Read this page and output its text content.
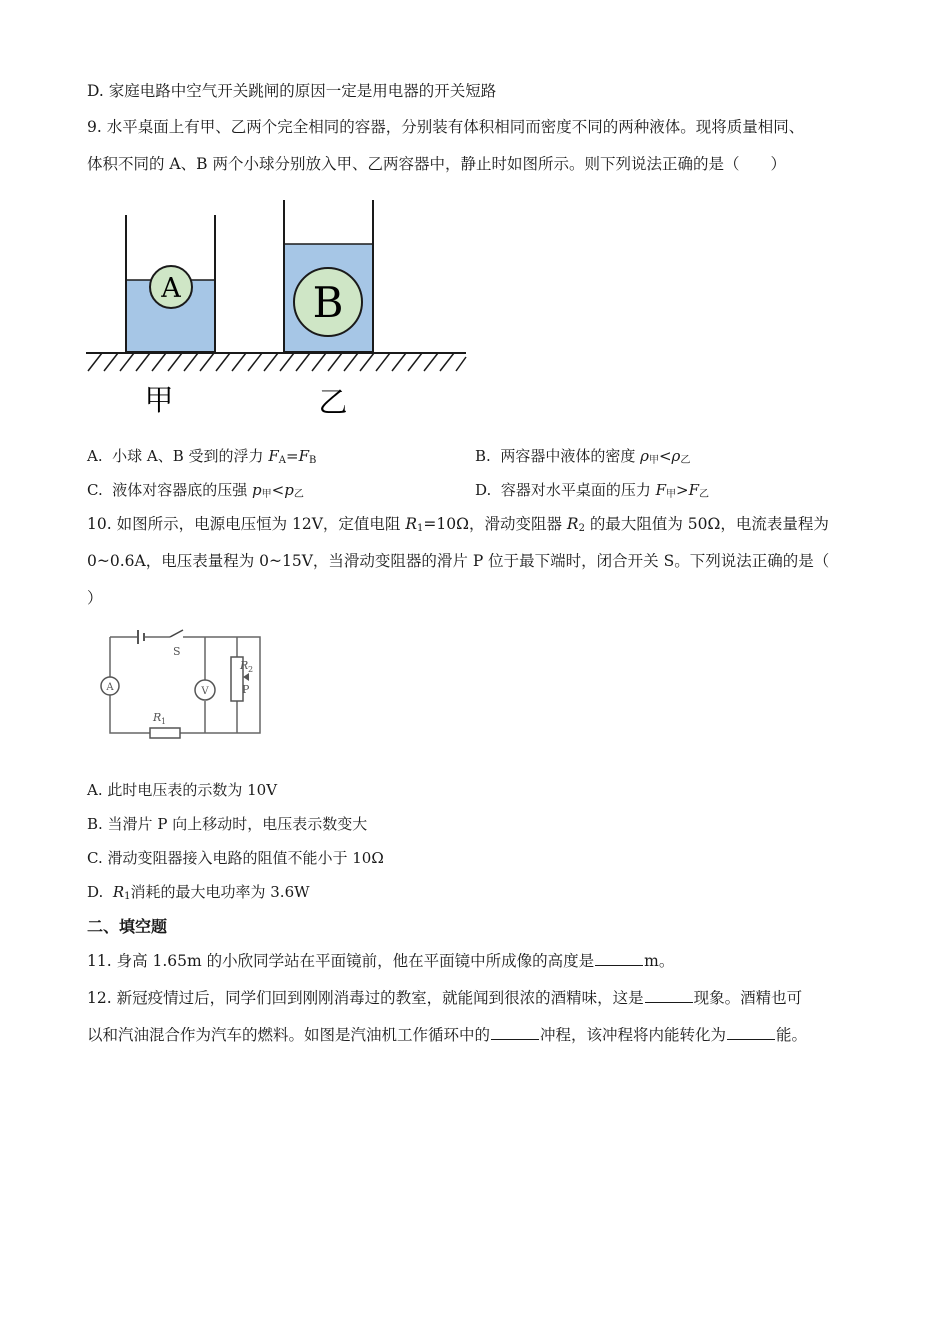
D. 家庭电路中空气开关跳闸的原因一定是用电器的开关短路
9. 水平桌面上有甲、乙两个完全相同的容器，分别装有体积相同而密度不同的两种液体。现将质量相同、
体积不同的 A、B 两个小球分别放入甲、乙两容器中，静止时如图所示。则下列说法正确的是（　　）
A	B
甲	乙
A. 小球 A、B 受到的浮力 $F_A=F_B$	B. 两容器中液体的密度 $\rho_甲<\rho_乙$
C. 液体对容器底的压强 $p_甲<p_乙$	D. 容器对水平桌面的压力 $F_甲>F_乙$
10. 如图所示，电源电压恒为 12V，定值电阻 $R_1=10\Omega$，滑动变阻器 $R_2$ 的最大阻值为 50Ω，电流表量程为
0~0.6A，电压表量程为 0~15V，当滑动变阻器的滑片 P 位于最下端时，闭合开关 S。下列说法正确的是（
）
S
A	V
R 2
P
R 1
A. 此时电压表的示数为 10V
B. 当滑片 P 向上移动时，电压表示数变大
C. 滑动变阻器接入电路的阻值不能小于 10Ω
D. $R_1$消耗的最大电功率为 3.6W
二、填空题
11. 身高 1.65m 的小欣同学站在平面镜前，他在平面镜中所成像的高度是	m。
12. 新冠疫情过后，同学们回到刚刚消毒过的教室，就能闻到很浓的酒精味，这是	现象。酒精也可
以和汽油混合作为汽车的燃料。如图是汽油机工作循环中的	冲程，该冲程将内能转化为	能。
